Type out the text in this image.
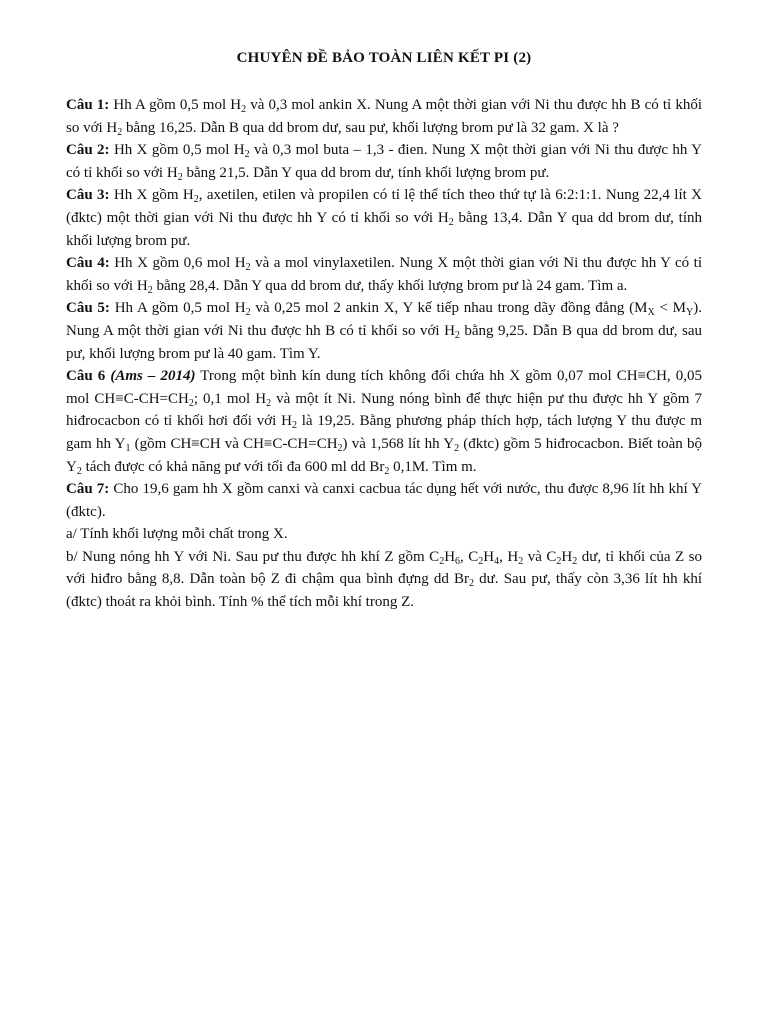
CHUYÊN ĐỀ BẢO TOÀN LIÊN KẾT PI (2)

Câu 1: Hh A gồm 0,5 mol $H_2$ và 0,3 mol ankin X. Nung A một thời gian với Ni thu được hh B có tỉ khối so với $H_2$ bằng 16,25. Dẫn B qua dd brom dư, sau pư, khối lượng brom pư là 32 gam. X là ?

Câu 2: Hh X gồm 0,5 mol $H_2$ và 0,3 mol buta – 1,3 - đien. Nung X một thời gian với Ni thu được hh Y có tỉ khối so với $H_2$ bằng 21,5. Dẫn Y qua dd brom dư, tính khối lượng brom pư.

Câu 3: Hh X gồm $H_2$, axetilen, etilen và propilen có tỉ lệ thể tích theo thứ tự là 6:2:1:1. Nung 22,4 lít X (đktc) một thời gian với Ni thu được hh Y có tỉ khối so với $H_2$ bằng 13,4. Dẫn Y qua dd brom dư, tính khối lượng brom pư.

Câu 4: Hh X gồm 0,6 mol $H_2$ và a mol vinylaxetilen. Nung X một thời gian với Ni thu được hh Y có tỉ khối so với $H_2$ bằng 28,4. Dẫn Y qua dd brom dư, thấy khối lượng brom pư là 24 gam. Tìm a.

Câu 5: Hh A gồm 0,5 mol $H_2$ và 0,25 mol 2 ankin X, Y kế tiếp nhau trong dãy đồng đẳng $(M_X < M_Y)$. Nung A một thời gian với Ni thu được hh B có tỉ khối so với $H_2$ bằng 9,25. Dẫn B qua dd brom dư, sau pư, khối lượng brom pư là 40 gam. Tìm Y.

Câu 6 (Ams – 2014) Trong một bình kín dung tích không đổi chứa hh X gồm 0,07 mol CH≡CH, 0,05 mol $CH\equiv C-CH=CH_2$; 0,1 mol $H_2$ và một ít Ni. Nung nóng bình để thực hiện pư thu được hh Y gồm 7 hiđrocacbon có tỉ khối hơi đối với $H_2$ là 19,25. Bằng phương pháp thích hợp, tách lượng Y thu được m gam hh $Y_1$ (gồm CH≡CH và $CH\equiv C-CH=CH_2$) và 1,568 lít hh $Y_2$ (đktc) gồm 5 hiđrocacbon. Biết toàn bộ $Y_2$ tách được có khả năng pư với tối đa 600 ml dd $Br_2$ 0,1M. Tìm m.

Câu 7: Cho 19,6 gam hh X gồm canxi và canxi cacbua tác dụng hết với nước, thu được 8,96 lít hh khí Y (đktc).

a/ Tính khối lượng mỗi chất trong X.

b/ Nung nóng hh Y với Ni. Sau pư thu được hh khí Z gồm $C_2H_6$, $C_2H_4$, $H_2$ và $C_2H_2$ dư, tỉ khối của Z so với hiđro bằng 8,8. Dẫn toàn bộ Z đi chậm qua bình đựng dd $Br_2$ dư. Sau pư, thấy còn 3,36 lít hh khí (đktc) thoát ra khỏi bình. Tính % thể tích mỗi khí trong Z.
